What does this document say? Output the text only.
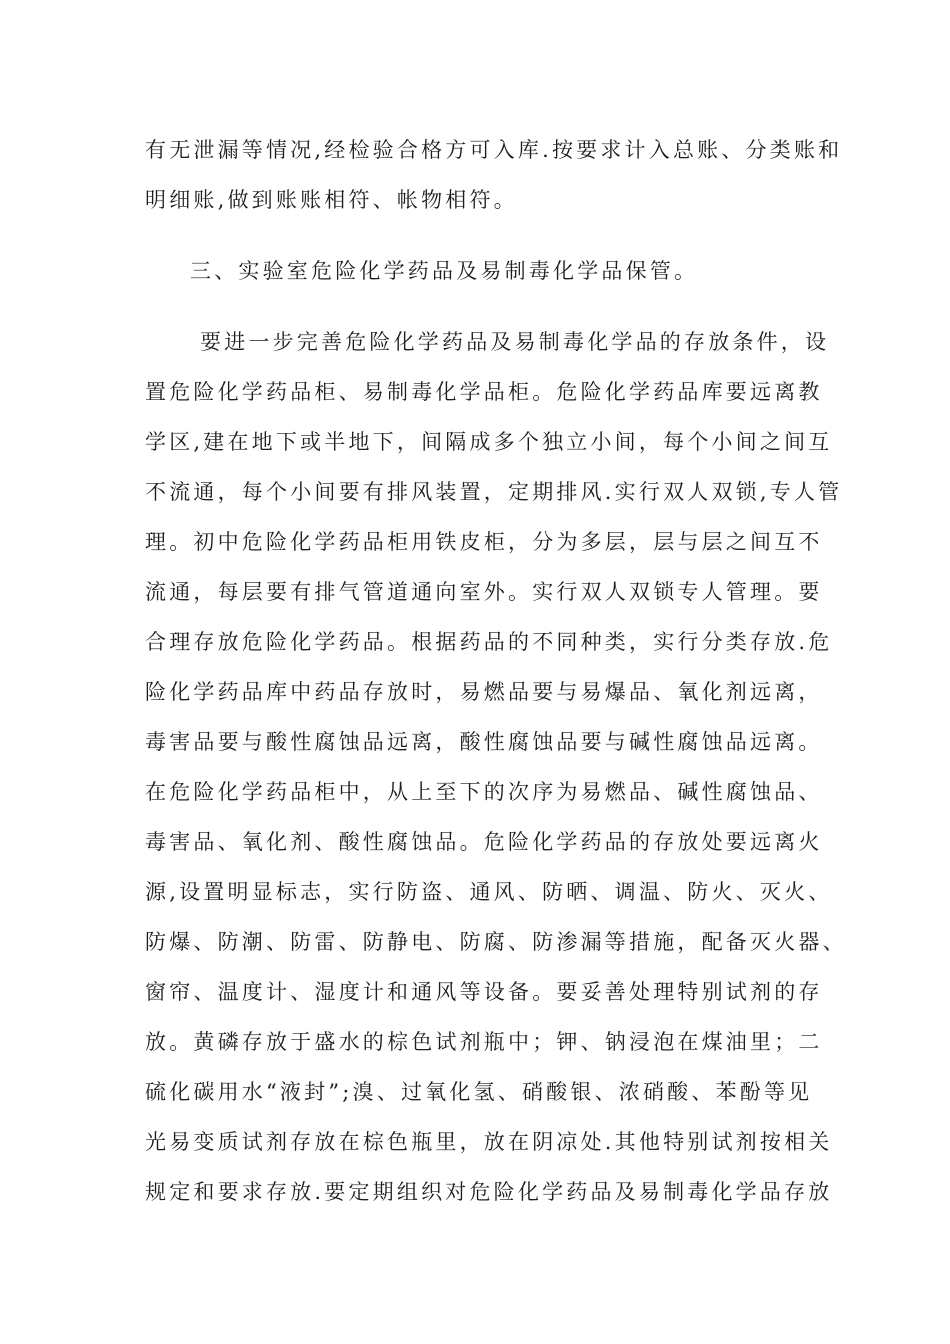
有无泄漏等情况,经检验合格方可入库.按要求计入总账、分类账和
明细账,做到账账相符、帐物相符。
三、实验室危险化学药品及易制毒化学品保管。
要进一步完善危险化学药品及易制毒化学品的存放条件，设
置危险化学药品柜、易制毒化学品柜。危险化学药品库要远离教
学区,建在地下或半地下，间隔成多个独立小间，每个小间之间互
不流通，每个小间要有排风装置，定期排风.实行双人双锁,专人管
理。初中危险化学药品柜用铁皮柜，分为多层，层与层之间互不
流通，每层要有排气管道通向室外。实行双人双锁专人管理。要
合理存放危险化学药品。根据药品的不同种类，实行分类存放.危
险化学药品库中药品存放时，易燃品要与易爆品、氧化剂远离，
毒害品要与酸性腐蚀品远离，酸性腐蚀品要与碱性腐蚀品远离。
在危险化学药品柜中，从上至下的次序为易燃品、碱性腐蚀品、
毒害品、氧化剂、酸性腐蚀品。危险化学药品的存放处要远离火
源,设置明显标志，实行防盗、通风、防晒、调温、防火、灭火、
防爆、防潮、防雷、防静电、防腐、防渗漏等措施，配备灭火器、
窗帘、温度计、湿度计和通风等设备。要妥善处理特别试剂的存
放。黄磷存放于盛水的棕色试剂瓶中；钾、钠浸泡在煤油里；二
硫化碳用水“液封”;溴、过氧化氢、硝酸银、浓硝酸、苯酚等见
光易变质试剂存放在棕色瓶里，放在阴凉处.其他特别试剂按相关
规定和要求存放.要定期组织对危险化学药品及易制毒化学品存放
